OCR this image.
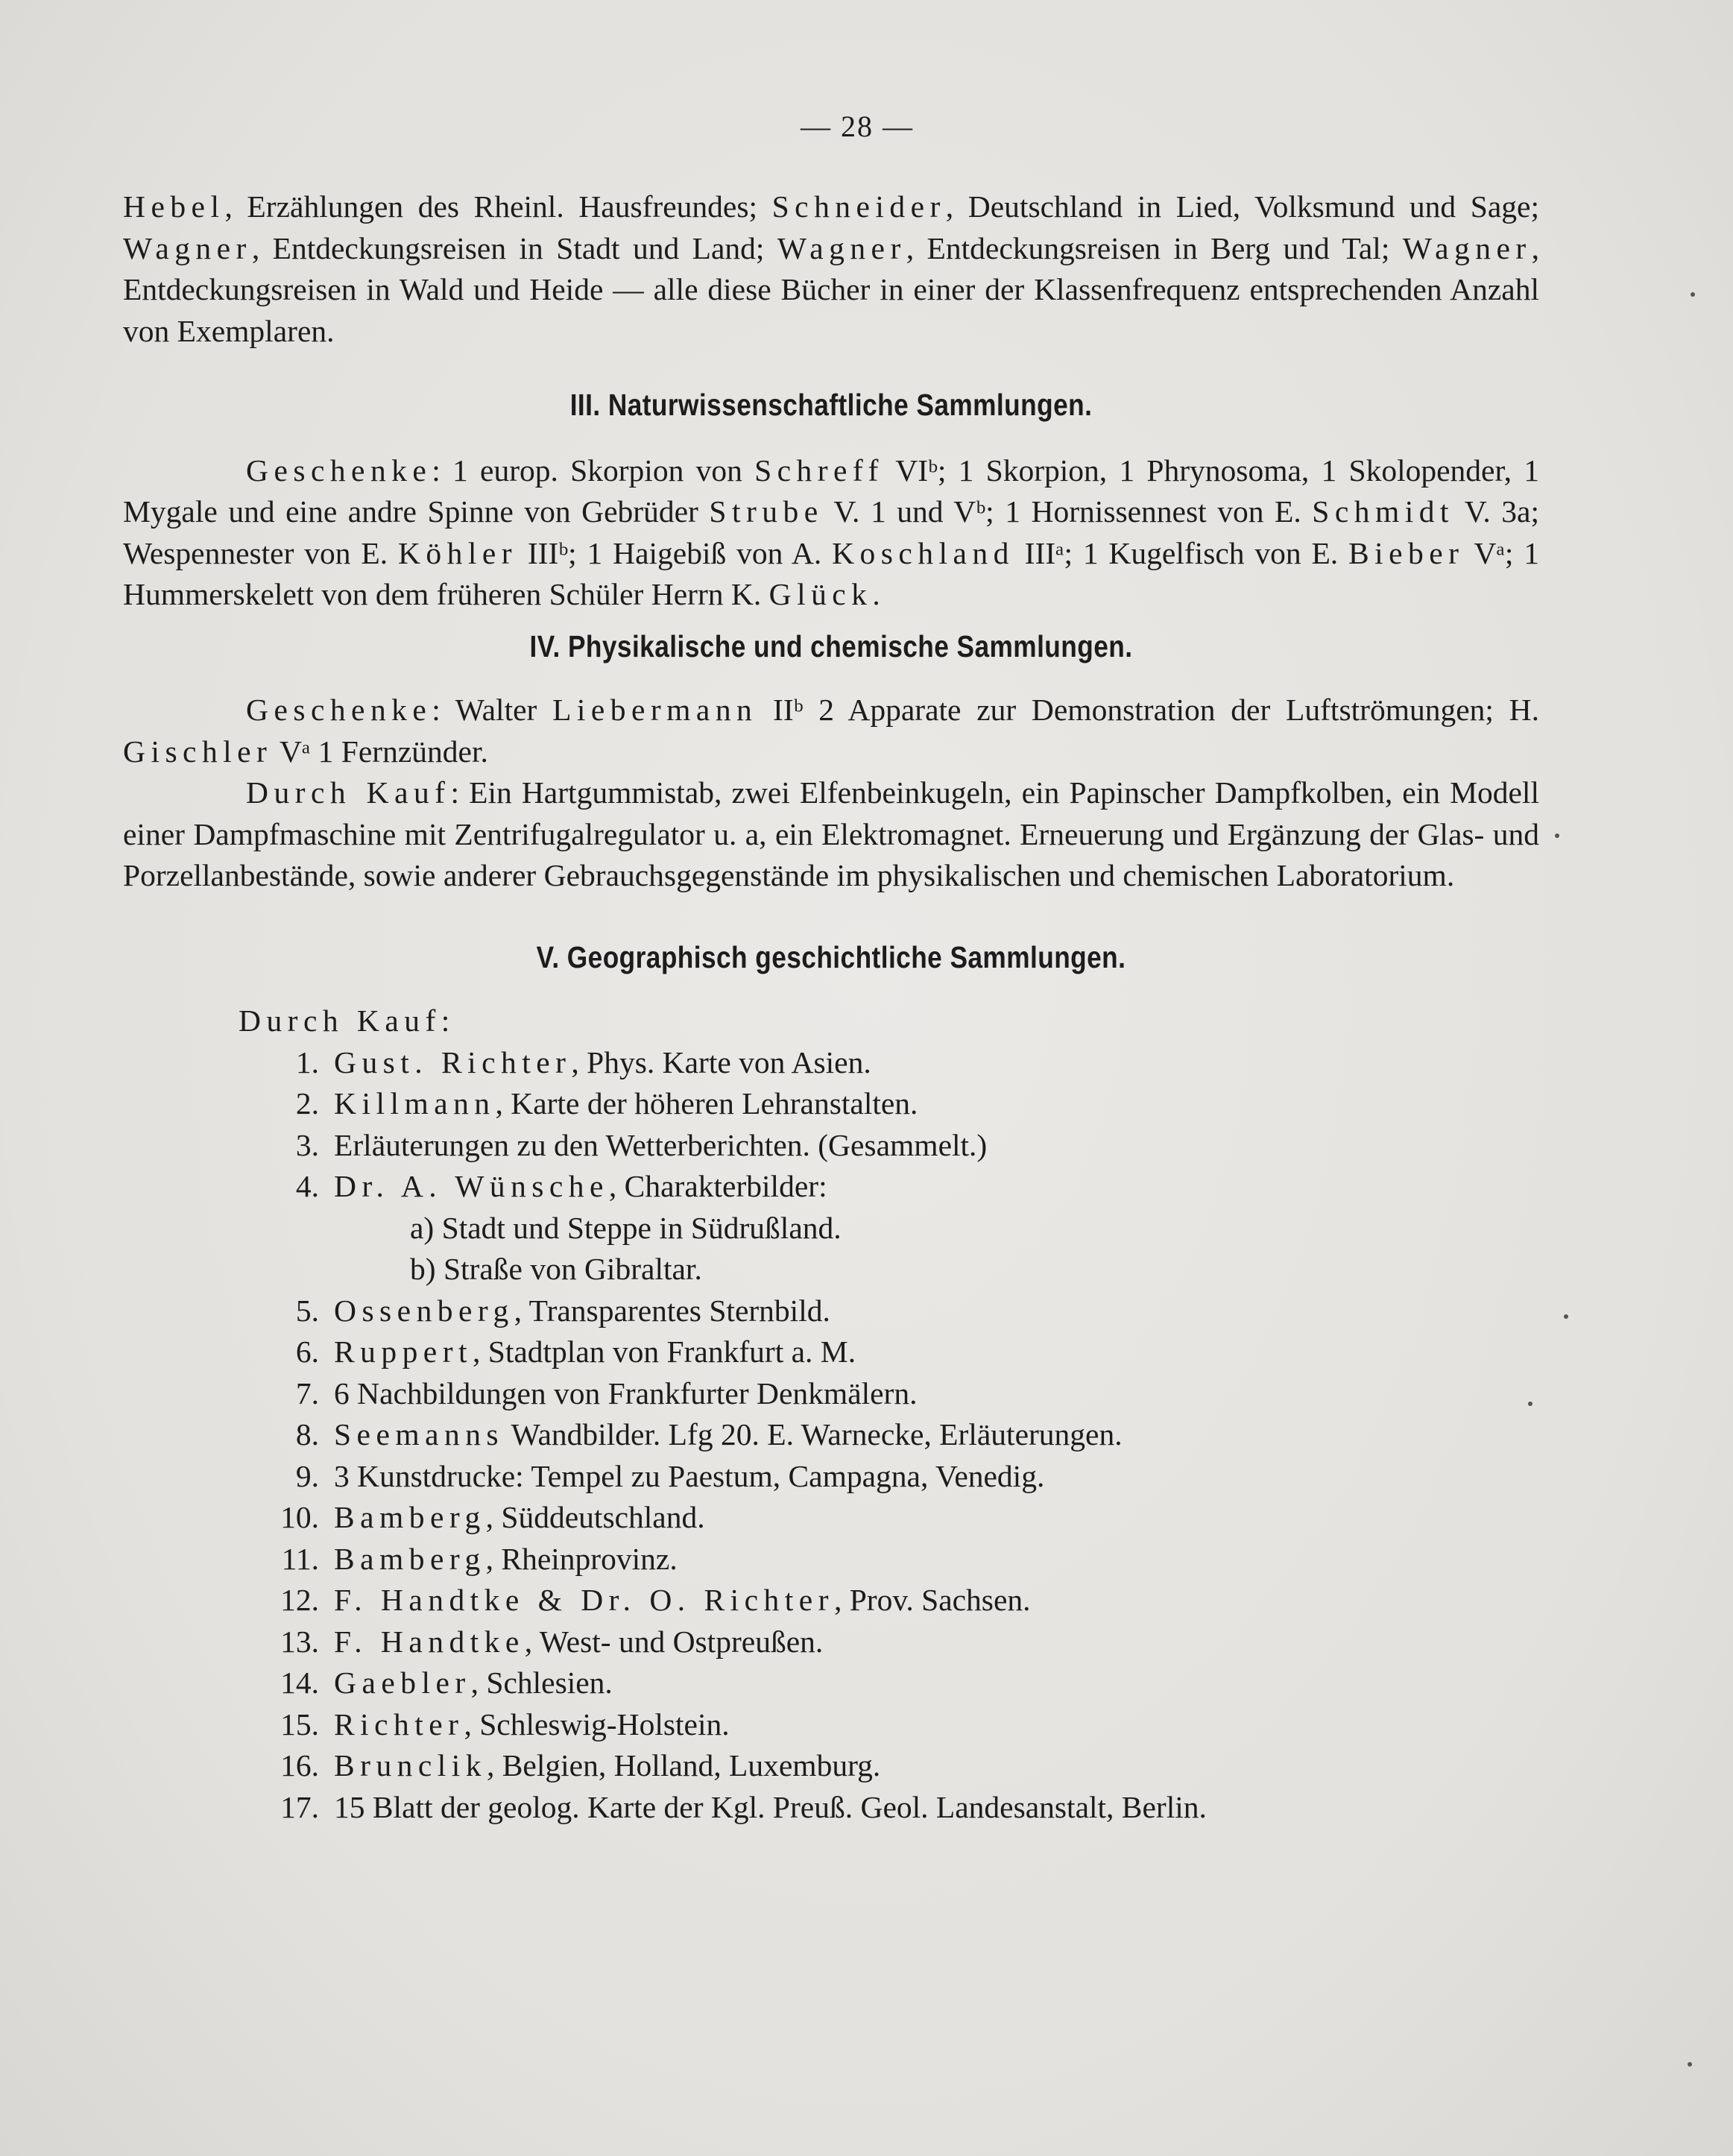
— 28 —

Hebel, Erzählungen des Rheinl. Hausfreundes; Schneider, Deutschland in Lied, Volksmund und Sage; Wagner, Entdeckungsreisen in Stadt und Land; Wagner, Entdeckungsreisen in Berg und Tal; Wagner, Entdeckungsreisen in Wald und Heide — alle diese Bücher in einer der Klassenfrequenz entsprechenden Anzahl von Exemplaren.

III. Naturwissenschaftliche Sammlungen.

Geschenke: 1 europ. Skorpion von Schreff VIᵇ; 1 Skorpion, 1 Phrynosoma, 1 Skolopender, 1 Mygale und eine andre Spinne von Gebrüder Strube V. 1 und Vᵇ; 1 Hornissennest von E. Schmidt V. 3a; Wespennester von E. Köhler IIIᵇ; 1 Haigebiß von A. Koschland IIIᵃ; 1 Kugelfisch von E. Bieber Vᵃ; 1 Hummerskelett von dem früheren Schüler Herrn K. Glück.

IV. Physikalische und chemische Sammlungen.

Geschenke: Walter Liebermann IIᵇ 2 Apparate zur Demonstration der Luftströmungen; H. Gischler Vᵃ 1 Fernzünder.

Durch Kauf: Ein Hartgummistab, zwei Elfenbeinkugeln, ein Papinscher Dampfkolben, ein Modell einer Dampfmaschine mit Zentrifugalregulator u. a, ein Elektromagnet. Erneuerung und Ergänzung der Glas- und Porzellanbestände, sowie anderer Gebrauchsgegenstände im physikalischen und chemischen Laboratorium.

V. Geographisch geschichtliche Sammlungen.

Durch Kauf:

1. Gust. Richter, Phys. Karte von Asien.
2. Killmann, Karte der höheren Lehranstalten.
3. Erläuterungen zu den Wetterberichten. (Gesammelt.)
4. Dr. A. Wünsche, Charakterbilder:
a) Stadt und Steppe in Südrußland.
b) Straße von Gibraltar.
5. Ossenberg, Transparentes Sternbild.
6. Ruppert, Stadtplan von Frankfurt a. M.
7. 6 Nachbildungen von Frankfurter Denkmälern.
8. Seemanns Wandbilder. Lfg 20. E. Warnecke, Erläuterungen.
9. 3 Kunstdrucke: Tempel zu Paestum, Campagna, Venedig.
10. Bamberg, Süddeutschland.
11. Bamberg, Rheinprovinz.
12. F. Handtke & Dr. O. Richter, Prov. Sachsen.
13. F. Handtke, West- und Ostpreußen.
14. Gaebler, Schlesien.
15. Richter, Schleswig-Holstein.
16. Brunclik, Belgien, Holland, Luxemburg.
17. 15 Blatt der geolog. Karte der Kgl. Preuß. Geol. Landesanstalt, Berlin.
